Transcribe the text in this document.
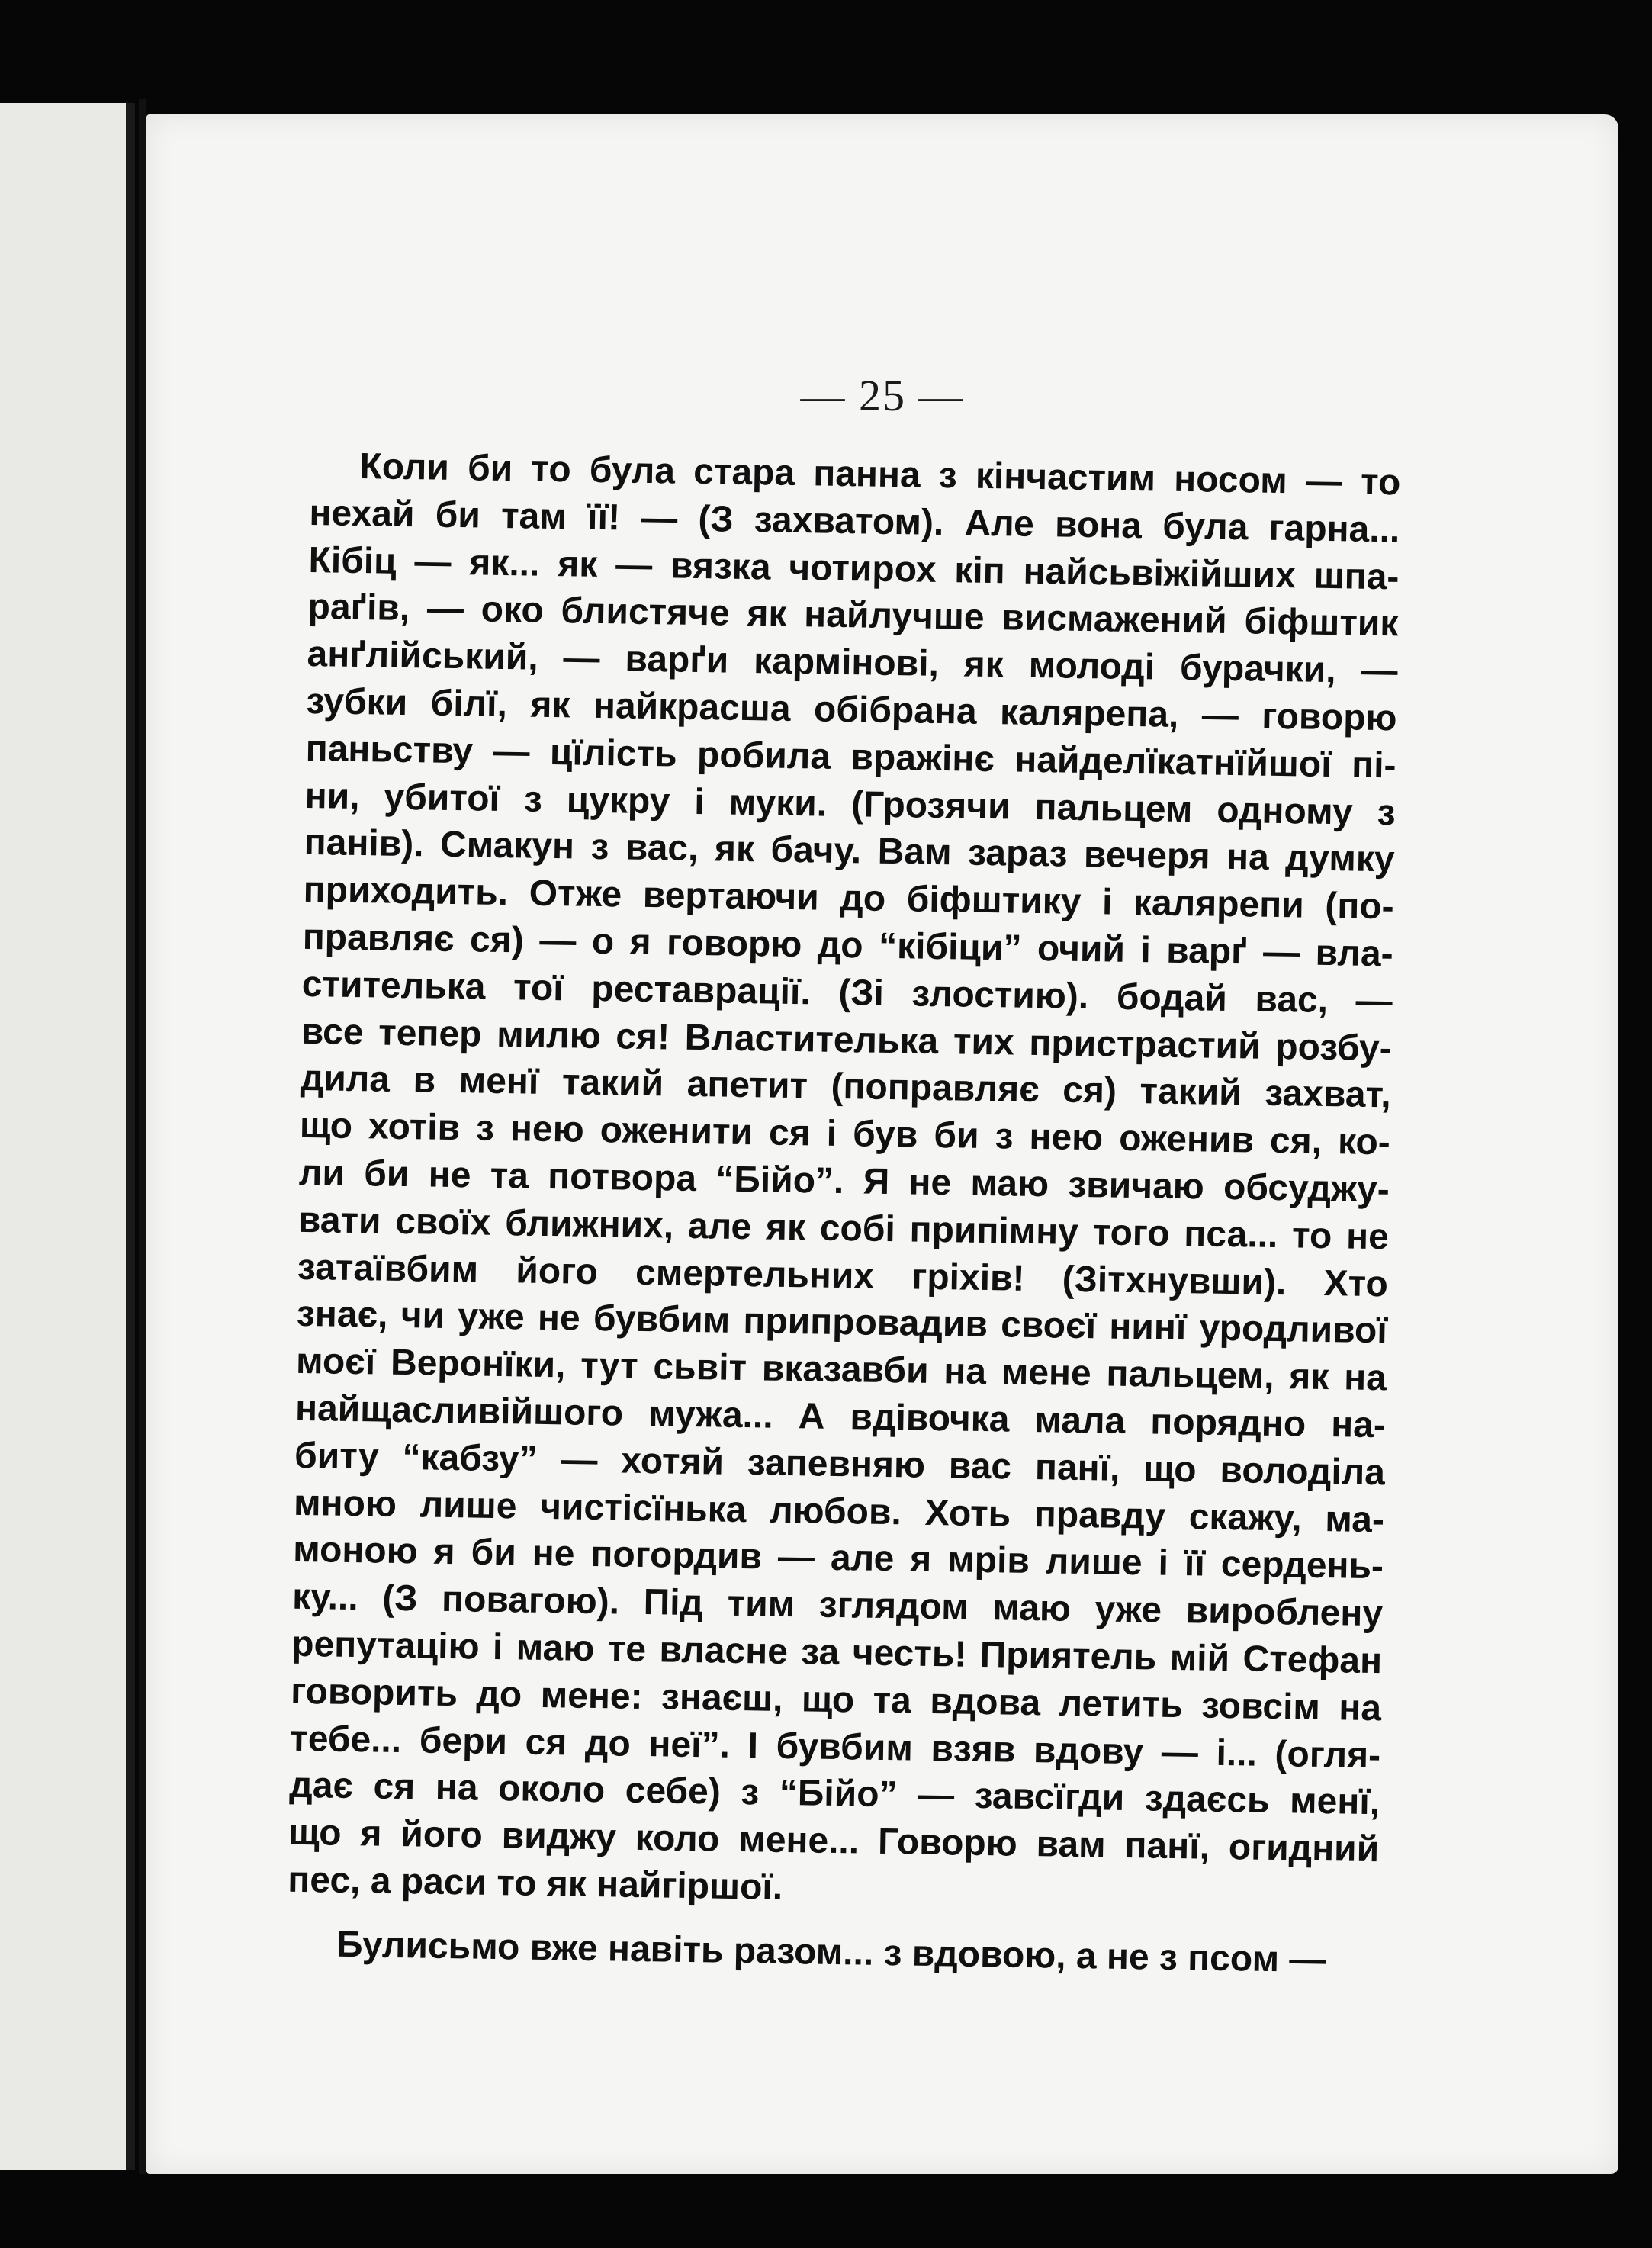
— 25 —

Коли би то була стара панна з кінчастим носом — то
нехай би там її! — (З захватом). Але вона була гарна...
Кібіц — як... як — вязка чотирох кіп найсьвіжійших шпа-
раґів, — око блистяче як найлучше висмажений біфштик
анґлійський, — варґи кармінові, як молоді бурачки, —
зубки білї, як найкрасша обібрана калярепа, — говорю
паньству — цїлість робила вражінє найделїкатнїйшої пі-
ни, убитої з цукру і муки. (Грозячи пальцем одному з
панів). Смакун з вас, як бачу. Вам зараз вечеря на думку
приходить. Отже вертаючи до біфштику і калярепи (по-
правляє ся) — о я говорю до “кібіци” очий і варґ — вла-
стителька тої реставрації. (Зі злостию). бодай вас, —
все тепер милю ся! Властителька тих пристрастий розбу-
дила в менї такий апетит (поправляє ся) такий захват,
що хотів з нею оженити ся і був би з нею оженив ся, ко-
ли би не та потвора “Бійо”. Я не маю звичаю обсуджу-
вати своїх ближних, але як собі припімну того пса... то не
затаївбим його смертельних гріхів! (Зітхнувши). Хто
знає, чи уже не бувбим припровадив своєї нинї уродливої
моєї Веронїки, тут сьвіт вказавби на мене пальцем, як на
найщасливійшого мужа... А вдівочка мала порядно на-
биту “кабзу” — хотяй запевняю вас панї, що володіла
мною лише чистісїнька любов. Хоть правду скажу, ма-
моною я би не погордив — але я мрів лише і її сердень-
ку... (З повагою). Під тим зглядом маю уже вироблену
репутацію і маю те власне за честь! Приятель мій Стефан
говорить до мене: знаєш, що та вдова летить зовсім на
тебе... бери ся до неї”. І бувбим взяв вдову — і... (огля-
дає ся на около себе) з “Бійо” — завсїгди здаєсь менї,
що я його виджу коло мене... Говорю вам панї, огидний
пес, а раси то як найгіршої.

Булисьмо вже навіть разом... з вдовою, а не з псом —
